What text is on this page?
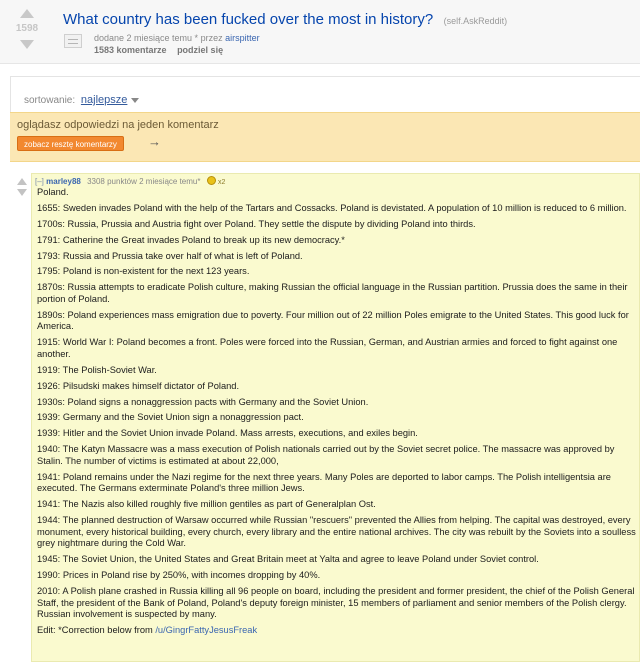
1598
What country has been fucked over the most in history? (self.AskReddit)
dodane 2 miesiące temu * przez airspitter
1583 komentarze podziel się
sortowanie: najlepsze
oglądasz odpowiedzi na jeden komentarz
zobacz resztę komentarzy	→
[–] marley88 3308 punktów 2 miesiące temu* x2

Poland.

1655: Sweden invades Poland with the help of the Tartars and Cossacks. Poland is devistated. A population of 10 million is reduced to 6 million.

1700s: Russia, Prussia and Austria fight over Poland. They settle the dispute by dividing Poland into thirds.

1791: Catherine the Great invades Poland to break up its new democracy.*

1793: Russia and Prussia take over half of what is left of Poland.

1795: Poland is non-existent for the next 123 years.

1870s: Russia attempts to eradicate Polish culture, making Russian the official language in the Russian partition. Prussia does the same in their portion of Poland.

1890s: Poland experiences mass emigration due to poverty. Four million out of 22 million Poles emigrate to the United States. This good luck for America.

1915: World War I: Poland becomes a front. Poles were forced into the Russian, German, and Austrian armies and forced to fight against one another.

1919: The Polish-Soviet War.

1926: Pilsudski makes himself dictator of Poland.

1930s: Poland signs a nonaggression pacts with Germany and the Soviet Union.

1939: Germany and the Soviet Union sign a nonaggression pact.

1939: Hitler and the Soviet Union invade Poland. Mass arrests, executions, and exiles begin.

1940: The Katyn Massacre was a mass execution of Polish nationals carried out by the Soviet secret police. The massacre was approved by Stalin. The number of victims is estimated at about 22,000,

1941: Poland remains under the Nazi regime for the next three years. Many Poles are deported to labor camps. The Polish intelligentsia are executed. The Germans exterminate Poland's three million Jews.

1941: The Nazis also killed roughly five million gentiles as part of Generalplan Ost.

1944: The planned destruction of Warsaw occurred while Russian "rescuers" prevented the Allies from helping. The capital was destroyed, every monument, every historical building, every church, every library and the entire national archives. The city was rebuilt by the Soviets into a soulless grey nightmare during the Cold War.

1945: The Soviet Union, the United States and Great Britain meet at Yalta and agree to leave Poland under Soviet control.

1990: Prices in Poland rise by 250%, with incomes dropping by 40%.

2010: A Polish plane crashed in Russia killing all 96 people on board, including the president and former president, the chief of the Polish General Staff, the president of the Bank of Poland, Poland's deputy foreign minister, 15 members of parliament and senior members of the Polish clergy. Russian involvement is suspected by many.

Edit: *Correction below from /u/GingrFattyJesusFreak
